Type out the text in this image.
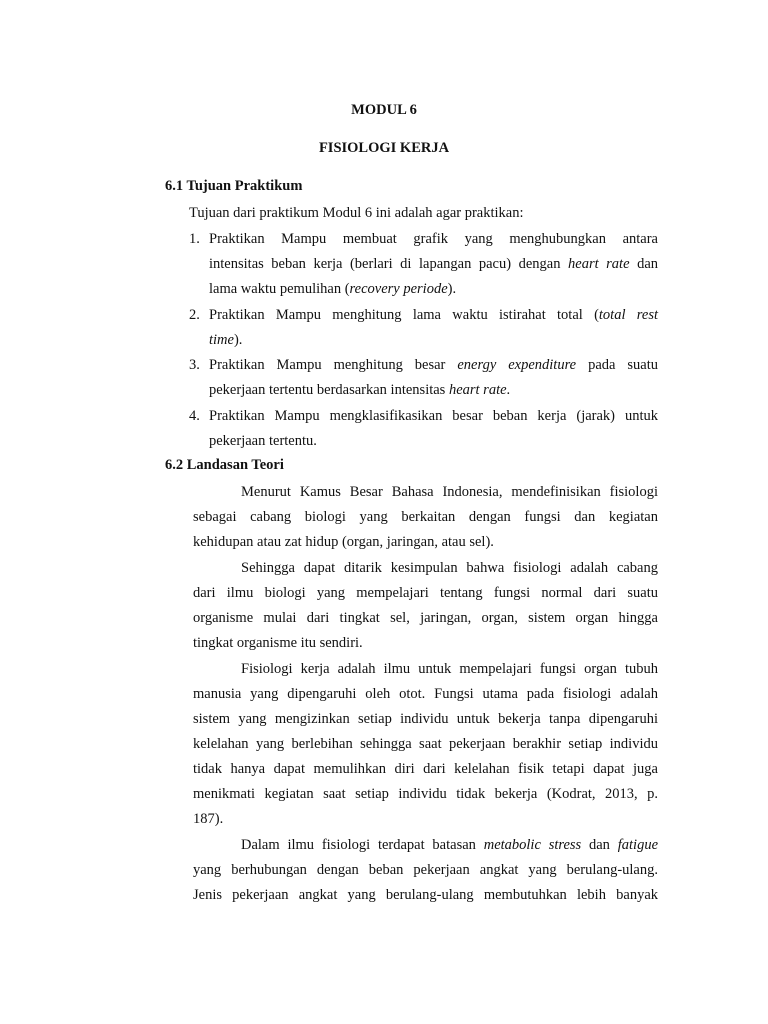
MODUL 6
FISIOLOGI KERJA
6.1 Tujuan Praktikum
Tujuan dari praktikum Modul 6 ini adalah agar praktikan:
1. Praktikan Mampu membuat grafik yang menghubungkan antara
intensitas beban kerja (berlari di lapangan pacu) dengan heart rate dan
lama waktu pemulihan (recovery periode).
2. Praktikan Mampu menghitung lama waktu istirahat total (total rest
time).
3. Praktikan Mampu menghitung besar energy expenditure pada suatu
pekerjaan tertentu berdasarkan intensitas heart rate.
4. Praktikan Mampu mengklasifikasikan besar beban kerja (jarak) untuk
pekerjaan tertentu.
6.2 Landasan Teori
Menurut Kamus Besar Bahasa Indonesia, mendefinisikan fisiologi
sebagai cabang biologi yang berkaitan dengan fungsi dan kegiatan
kehidupan atau zat hidup (organ, jaringan, atau sel).
Sehingga dapat ditarik kesimpulan bahwa fisiologi adalah cabang
dari ilmu biologi yang mempelajari tentang fungsi normal dari suatu
organisme mulai dari tingkat sel, jaringan, organ, sistem organ hingga
tingkat organisme itu sendiri.
Fisiologi kerja adalah ilmu untuk mempelajari fungsi organ tubuh
manusia yang dipengaruhi oleh otot. Fungsi utama pada fisiologi adalah
sistem yang mengizinkan setiap individu untuk bekerja tanpa dipengaruhi
kelelahan yang berlebihan sehingga saat pekerjaan berakhir setiap individu
tidak hanya dapat memulihkan diri dari kelelahan fisik tetapi dapat juga
menikmati kegiatan saat setiap individu tidak bekerja (Kodrat, 2013, p.
187).
Dalam ilmu fisiologi terdapat batasan metabolic stress dan fatigue
yang berhubungan dengan beban pekerjaan angkat yang berulang-ulang.
Jenis pekerjaan angkat yang berulang-ulang membutuhkan lebih banyak
